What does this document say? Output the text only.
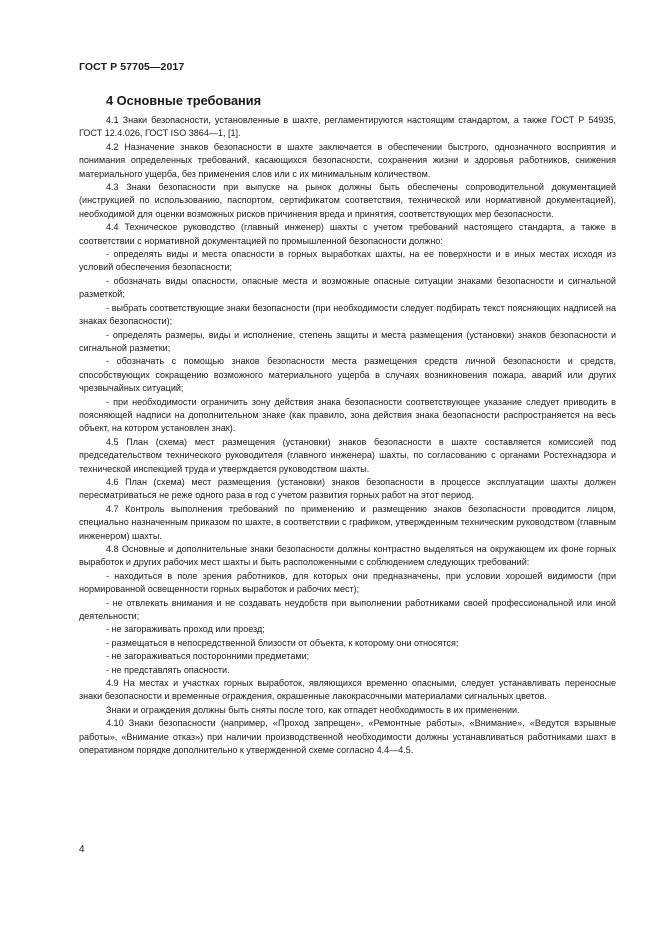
ГОСТ Р 57705—2017
4 Основные требования

4.1 Знаки безопасности, установленные в шахте, регламентируются настоящим стандартом, а также ГОСТ Р 54935, ГОСТ 12.4.026, ГОСТ ISO 3864—1, [1].

4.2 Назначение знаков безопасности в шахте заключается в обеспечении быстрого, однозначного восприятия и понимания определенных требований, касающихся безопасности, сохранения жизни и здоровья работников, снижения материального ущерба, без применения слов или с их минимальным количеством.

4.3 Знаки безопасности при выпуске на рынок должны быть обеспечены сопроводительной документацией (инструкцией по использованию, паспортом, сертификатом соответствия, технической или нормативной документацией), необходимой для оценки возможных рисков причинения вреда и принятия, соответствующих мер безопасности.

4.4 Техническое руководство (главный инженер) шахты с учетом требований настоящего стандарта, а также в соответствии с нормативной документацией по промышленной безопасности должно:

- определять виды и места опасности в горных выработках шахты, на ее поверхности и в иных местах исходя из условий обеспечения безопасности;

- обозначать виды опасности, опасные места и возможные опасные ситуации знаками безопасности и сигнальной разметкой;

- выбрать соответствующие знаки безопасности (при необходимости следует подбирать текст поясняющих надписей на знаках безопасности);

- определять размеры, виды и исполнение, степень защиты и места размещения (установки) знаков безопасности и сигнальной разметки;

- обозначать с помощью знаков безопасности места размещения средств личной безопасности и средств, способствующих сокращению возможного материального ущерба в случаях возникновения пожара, аварий или других чрезвычайных ситуаций;

- при необходимости ограничить зону действия знака безопасности соответствующее указание следует приводить в поясняющей надписи на дополнительном знаке (как правило, зона действия знака безопасности распространяется на весь объект, на котором установлен знак).

4.5 План (схема) мест размещения (установки) знаков безопасности в шахте составляется комиссией под председательством технического руководителя (главного инженера) шахты, по согласованию с органами Ростехнадзора и технической инспекцией труда и утверждается руководством шахты.

4.6 План (схема) мест размещения (установки) знаков безопасности в процессе эксплуатации шахты должен пересматриваться не реже одного раза в год с учетом развития горных работ на этот период.

4.7 Контроль выполнения требований по применению и размещению знаков безопасности проводится лицом, специально назначенным приказом по шахте, в соответствии с графиком, утвержденным техническим руководством (главным инженером) шахты.

4.8 Основные и дополнительные знаки безопасности должны контрастно выделяться на окружающем их фоне горных выработок и других рабочих мест шахты и быть расположенными с соблюдением следующих требований:

- находиться в поле зрения работников, для которых они предназначены, при условии хорошей видимости (при нормированной освещенности горных выработок и рабочих мест);

- не отвлекать внимания и не создавать неудобств при выполнении работниками своей профессиональной или иной деятельности;

- не загораживать проход или проезд;

- размещаться в непосредственной близости от объекта, к которому они относятся;

- не загораживаться посторонними предметами;

- не представлять опасности.

4.9 На местах и участках горных выработок, являющихся временно опасными, следует устанавливать переносные знаки безопасности и временные ограждения, окрашенные лакокрасочными материалами сигнальных цветов.

Знаки и ограждения должны быть сняты после того, как отпадет необходимость в их применении.

4.10 Знаки безопасности (например, «Проход запрещен», «Ремонтные работы», «Внимание», «Ведутся взрывные работы», «Внимание отказ») при наличии производственной необходимости должны устанавливаться работниками шахт в оперативном порядке дополнительно к утвержденной схеме согласно 4.4—4.5.

4
